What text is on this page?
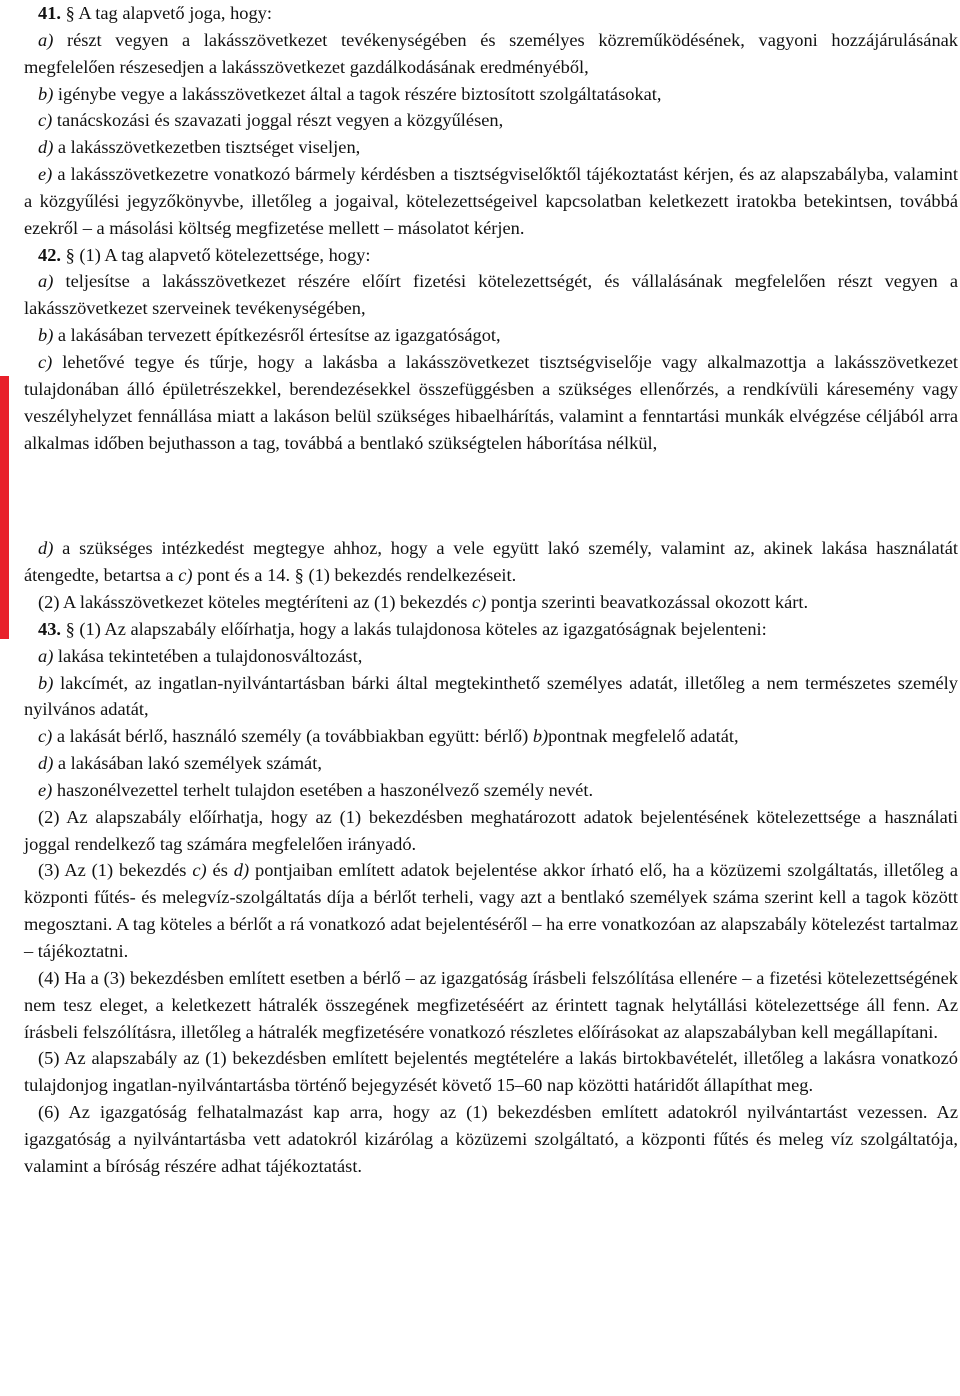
41. § A tag alapvető joga, hogy:

a) részt vegyen a lakásszövetkezet tevékenységében és személyes közreműködésének, vagyoni hozzájárulásának megfelelően részesedjen a lakásszövetkezet gazdálkodásának eredményéből,

b) igénybe vegye a lakásszövetkezet által a tagok részére biztosított szolgáltatásokat,

c) tanácskozási és szavazati joggal részt vegyen a közgyűlésen,

d) a lakásszövetkezetben tisztséget viseljen,

e) a lakásszövetkezetre vonatkozó bármely kérdésben a tisztségviselőktől tájékoztatást kérjen, és az alapszabályba, valamint a közgyűlési jegyzőkönyvbe, illetőleg a jogaival, kötelezettségeivel kapcsolatban keletkezett iratokba betekintsen, továbbá ezekről – a másolási költség megfizetése mellett – másolatot kérjen.

42. § (1) A tag alapvető kötelezettsége, hogy:

a) teljesítse a lakásszövetkezet részére előírt fizetési kötelezettségét, és vállalásának megfelelően részt vegyen a lakásszövetkezet szerveinek tevékenységében,

b) a lakásában tervezett építkezésről értesítse az igazgatóságot,

c) lehetővé tegye és tűrje, hogy a lakásba a lakásszövetkezet tisztségviselője vagy alkalmazottja a lakásszövetkezet tulajdonában álló épületrészekkel, berendezésekkel összefüggésben a szükséges ellenőrzés, a rendkívüli káresemény vagy veszélyhelyzet fennállása miatt a lakáson belül szükséges hibaelhárítás, valamint a fenntartási munkák elvégzése céljából arra alkalmas időben bejuthasson a tag, továbbá a bentlakó szükségtelen háborítása nélkül,

d) a szükséges intézkedést megtegye ahhoz, hogy a vele együtt lakó személy, valamint az, akinek lakása használatát átengedte, betartsa a c) pont és a 14. § (1) bekezdés rendelkezéseit.

(2) A lakásszövetkezet köteles megtéríteni az (1) bekezdés c) pontja szerinti beavatkozással okozott kárt.

43. § (1) Az alapszabály előírhatja, hogy a lakás tulajdonosa köteles az igazgatóságnak bejelenteni:

a) lakása tekintetében a tulajdonosváltozást,

b) lakcímét, az ingatlan-nyilvántartásban bárki által megtekinthető személyes adatát, illetőleg a nem természetes személy nyilvános adatát,

c) a lakását bérlő, használó személy (a továbbiakban együtt: bérlő) b)pontnak megfelelő adatát,

d) a lakásában lakó személyek számát,

e) haszonélvezettel terhelt tulajdon esetében a haszonélvező személy nevét.

(2) Az alapszabály előírhatja, hogy az (1) bekezdésben meghatározott adatok bejelentésének kötelezettsége a használati joggal rendelkező tag számára megfelelően irányadó.

(3) Az (1) bekezdés c) és d) pontjaiban említett adatok bejelentése akkor írható elő, ha a közüzemi szolgáltatás, illetőleg a központi fűtés- és melegvíz-szolgáltatás díja a bérlőt terheli, vagy azt a bentlakó személyek száma szerint kell a tagok között megosztani. A tag köteles a bérlőt a rá vonatkozó adat bejelentéséről – ha erre vonatkozóan az alapszabály kötelezést tartalmaz – tájékoztatni.

(4) Ha a (3) bekezdésben említett esetben a bérlő – az igazgatóság írásbeli felszólítása ellenére – a fizetési kötelezettségének nem tesz eleget, a keletkezett hátralék összegének megfizetéséért az érintett tagnak helytállási kötelezettsége áll fenn. Az írásbeli felszólításra, illetőleg a hátralék megfizetésére vonatkozó részletes előírásokat az alapszabályban kell megállapítani.

(5) Az alapszabály az (1) bekezdésben említett bejelentés megtételére a lakás birtokbavételét, illetőleg a lakásra vonatkozó tulajdonjog ingatlan-nyilvántartásba történő bejegyzését követő 15–60 nap közötti határidőt állapíthat meg.

(6) Az igazgatóság felhatalmazást kap arra, hogy az (1) bekezdésben említett adatokról nyilvántartást vezessen. Az igazgatóság a nyilvántartásba vett adatokról kizárólag a közüzemi szolgáltató, a központi fűtés és meleg víz szolgáltatója, valamint a bíróság részére adhat tájékoztatást.
